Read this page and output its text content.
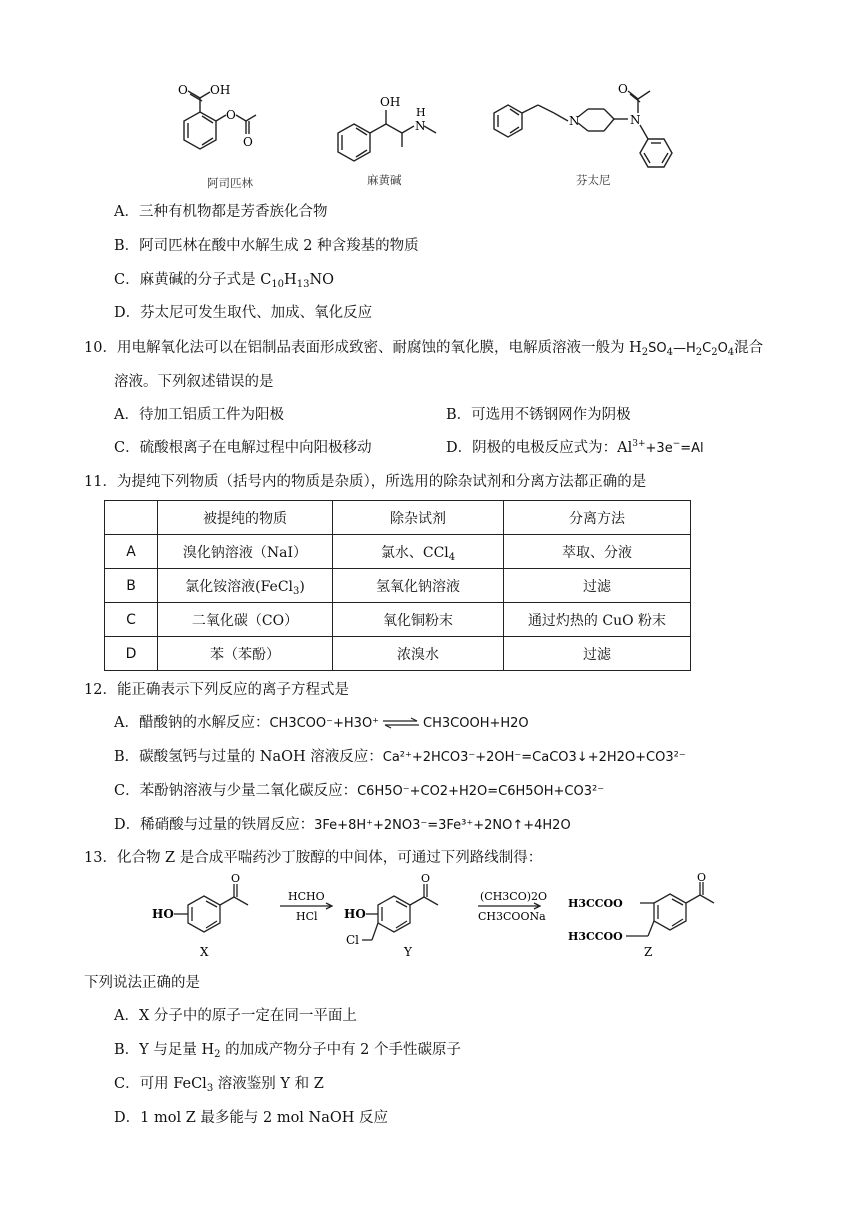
O OH
O
O
阿司匹林
OH
H
N
麻黄碱
N
O
N
芬太尼
A．三种有机物都是芳香族化合物
B．阿司匹林在酸中水解生成 2 种含羧基的物质
C．麻黄碱的分子式是 $C_{10}H_{13}NO$
D．芬太尼可发生取代、加成、氧化反应
10．用电解氧化法可以在铝制品表面形成致密、耐腐蚀的氧化膜，电解质溶液一般为 $H_2SO_4—H_2C_2O_4$混合
溶液。下列叙述错误的是
A．待加工铝质工件为阳极	B．可选用不锈钢网作为阴极
C．硫酸根离子在电解过程中向阳极移动	D．阴极的电极反应式为：$Al^{3+}+3e^-=Al$
11．为提纯下列物质（括号内的物质是杂质），所选用的除杂试剂和分离方法都正确的是
	被提纯的物质	除杂试剂	分离方法
A	溴化钠溶液（NaI）	氯水、CCl$_4$	萃取、分液
B	氯化铵溶液(FeCl$_3$)	氢氧化钠溶液	过滤
C	二氧化碳（CO）	氧化铜粉末	通过灼热的 CuO 粉末
D	苯（苯酚）	浓溴水	过滤
12．能正确表示下列反应的离子方程式是
A．醋酸钠的水解反应：CH3COO⁻+H3O⁺ ⇌ CH3COOH+H2O
B．碳酸氢钙与过量的 NaOH 溶液反应：Ca²⁺+2HCO3⁻+2OH⁻=CaCO3↓+2H2O+CO3²⁻
C．苯酚钠溶液与少量二氧化碳反应：C6H5O⁻+CO2+H2O=C6H5OH+CO3²⁻
D．稀硝酸与过量的铁屑反应：3Fe+8H⁺+2NO3⁻=3Fe³⁺+2NO↑+4H2O
13．化合物 Z 是合成平喘药沙丁胺醇的中间体，可通过下列路线制得：
HO
O
X
HCHO
HCl HO
O
Cl
Y
(CH3CO)2O
CH3COONa
H3CCOO
H3CCOO
O
Z
下列说法正确的是
A．X 分子中的原子一定在同一平面上
B．Y 与足量 $H_2$ 的加成产物分子中有 2 个手性碳原子
C．可用 FeCl$_3$ 溶液鉴别 Y 和 Z
D．1 mol Z 最多能与 2 mol NaOH 反应
